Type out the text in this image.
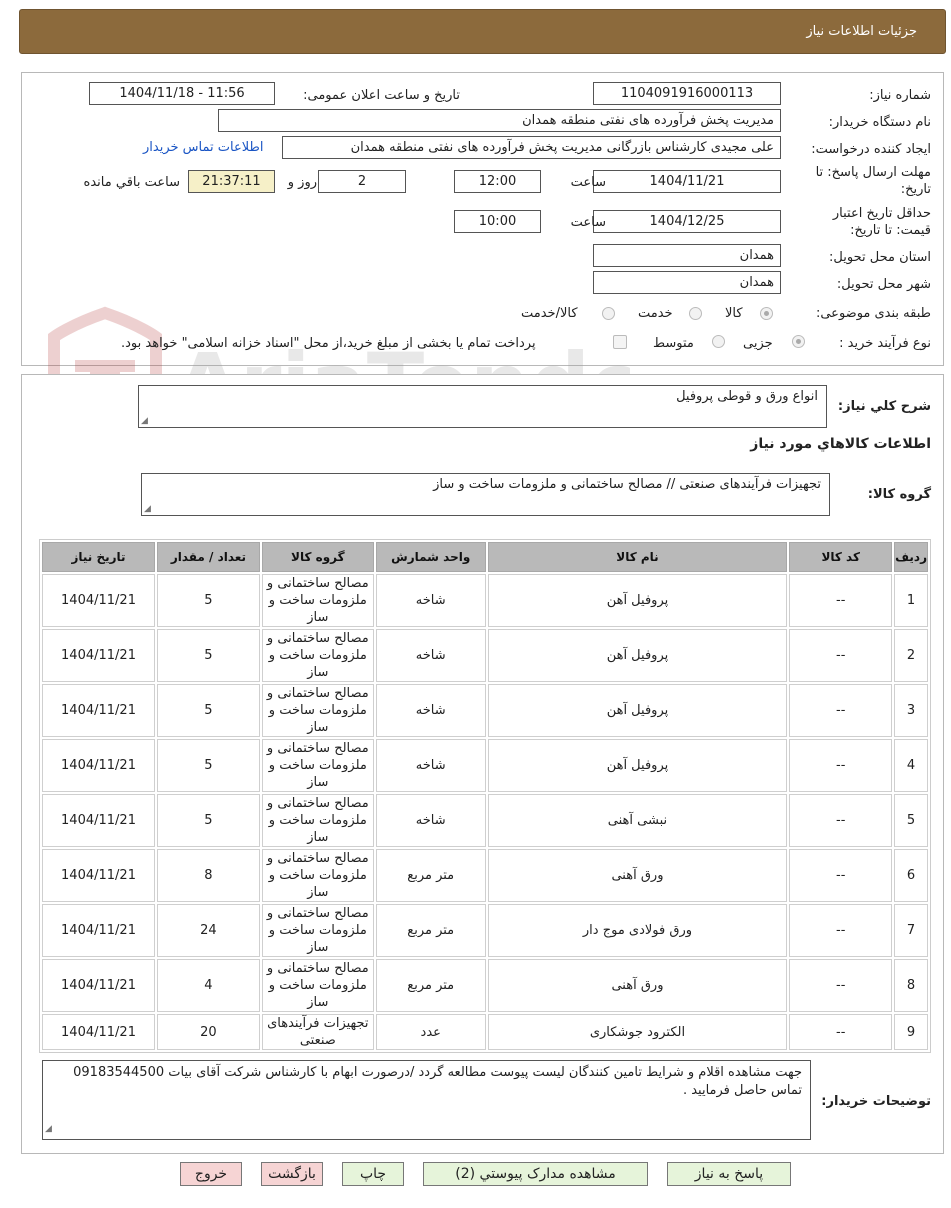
جزئیات اطلاعات نیاز
شماره نیاز:
1104091916000113
تاریخ و ساعت اعلان عمومی:
1404/11/18 - 11:56
نام دستگاه خریدار:
مدیریت پخش فرآورده های نفتی منطقه همدان
ایجاد کننده درخواست:
علی مجیدی کارشناس بازرگانی مدیریت پخش فرآورده های نفتی منطقه همدان
اطلاعات تماس خریدار
مهلت ارسال پاسخ: تا
تاریخ:
1404/11/21
ساعت
12:00
2
روز و
21:37:11
ساعت باقي مانده
حداقل تاریخ اعتبار
قیمت: تا تاریخ:
1404/12/25
ساعت
10:00
استان محل تحویل:
همدان
شهر محل تحویل:
همدان
طبقه بندی موضوعی:
کالا
خدمت
کالا/خدمت
نوع فرآیند خرید :
جزیی
متوسط
پرداخت تمام یا بخشی از مبلغ خرید،از محل "اسناد خزانه اسلامی" خواهد بود.
شرح کلي نياز:
انواع ورق و قوطی پروفیل
◢
اطلاعات کالاهاي مورد نياز
گروه کالا:
تجهیزات فرآیندهای صنعتی // مصالح ساختمانی و ملزومات ساخت و ساز
◢
رديف	کد کالا	نام کالا	واحد شمارش	گروه کالا	تعداد / مقدار	تاريخ نياز
1	--	پروفیل آهن	شاخه	مصالح ساختمانی و ملزومات ساخت و ساز	5	1404/11/21
2	--	پروفیل آهن	شاخه	مصالح ساختمانی و ملزومات ساخت و ساز	5	1404/11/21
3	--	پروفیل آهن	شاخه	مصالح ساختمانی و ملزومات ساخت و ساز	5	1404/11/21
4	--	پروفیل آهن	شاخه	مصالح ساختمانی و ملزومات ساخت و ساز	5	1404/11/21
5	--	نبشی آهنی	شاخه	مصالح ساختمانی و ملزومات ساخت و ساز	5	1404/11/21
6	--	ورق آهنی	متر مربع	مصالح ساختمانی و ملزومات ساخت و ساز	8	1404/11/21
7	--	ورق فولادی موج دار	متر مربع	مصالح ساختمانی و ملزومات ساخت و ساز	24	1404/11/21
8	--	ورق آهنی	متر مربع	مصالح ساختمانی و ملزومات ساخت و ساز	4	1404/11/21
9	--	الکترود جوشکاری	عدد	تجهیزات فرآیندهای صنعتی	20	1404/11/21
توضیحات خریدار:
جهت مشاهده اقلام و شرایط تامین کنندگان لیست پیوست مطالعه گردد /درصورت ابهام با کارشناس شرکت آقای بیات 09183544500 تماس حاصل فرمایید .
◢
پاسخ به نياز
مشاهده مدارک پيوستي (2)
چاپ
بازگشت
خروج
